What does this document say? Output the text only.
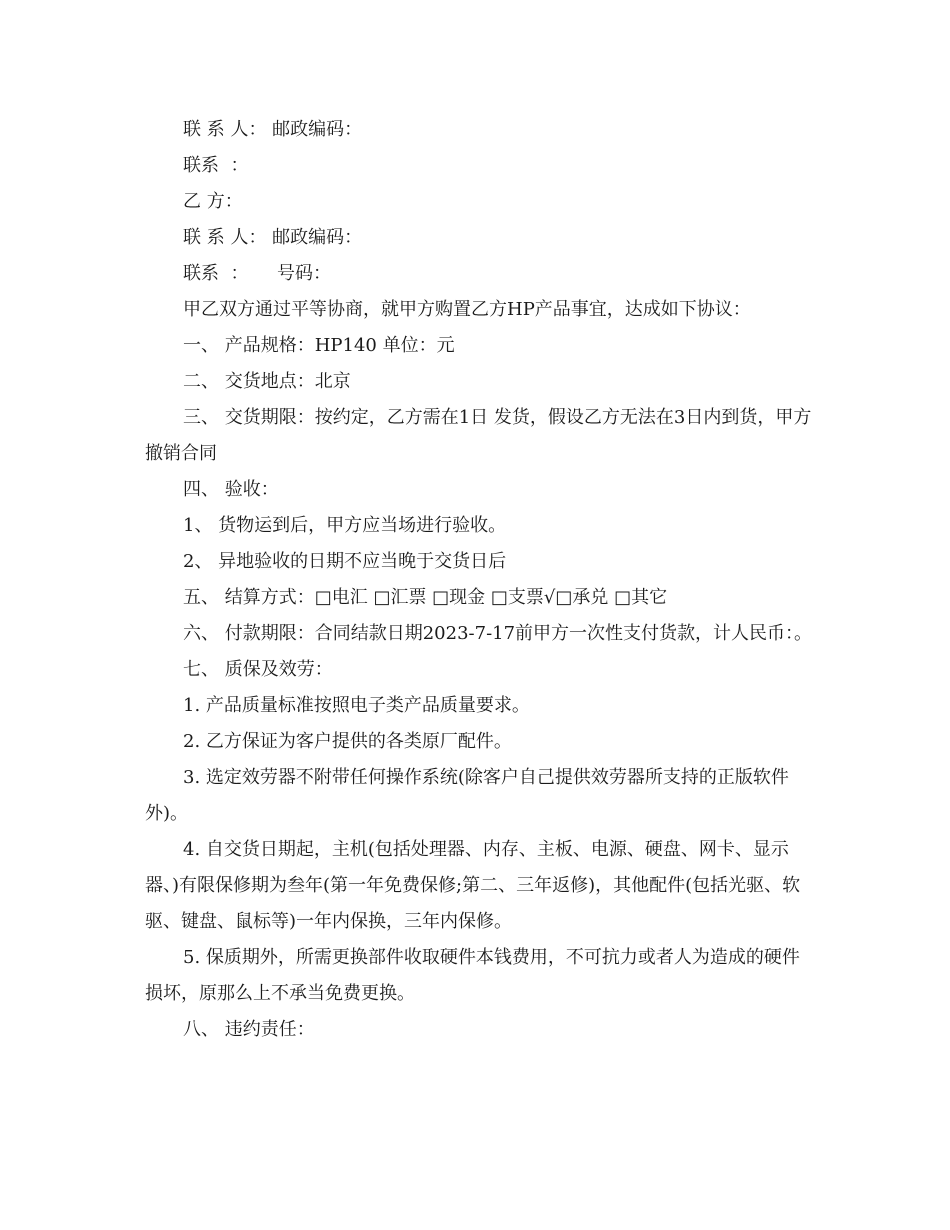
联 系 人： 邮政编码：

联系  ：

乙 方：

联 系 人： 邮政编码：

联系  ：     号码：

甲乙双方通过平等协商，就甲方购置乙方HP产品事宜，达成如下协议：

一、 产品规格：HP140 单位：元

二、 交货地点：北京

三、 交货期限：按约定，乙方需在1日 发货，假设乙方无法在3日内到货，甲方撤销合同

四、 验收：

1、 货物运到后，甲方应当场进行验收。

2、 异地验收的日期不应当晚于交货日后

五、 结算方式：□电汇 □汇票 □现金 □支票√□承兑 □其它

六、 付款期限：合同结款日期2023-7-17前甲方一次性支付货款，计人民币：。

七、 质保及效劳：

1. 产品质量标准按照电子类产品质量要求。

2. 乙方保证为客户提供的各类原厂配件。

3. 选定效劳器不附带任何操作系统(除客户自己提供效劳器所支持的正版软件外)。

4. 自交货日期起，主机(包括处理器、内存、主板、电源、硬盘、网卡、显示器、)有限保修期为叁年(第一年免费保修;第二、三年返修)，其他配件(包括光驱、软驱、键盘、鼠标等)一年内保换，三年内保修。

5. 保质期外，所需更换部件收取硬件本钱费用，不可抗力或者人为造成的硬件损坏，原那么上不承当免费更换。

八、 违约责任：
